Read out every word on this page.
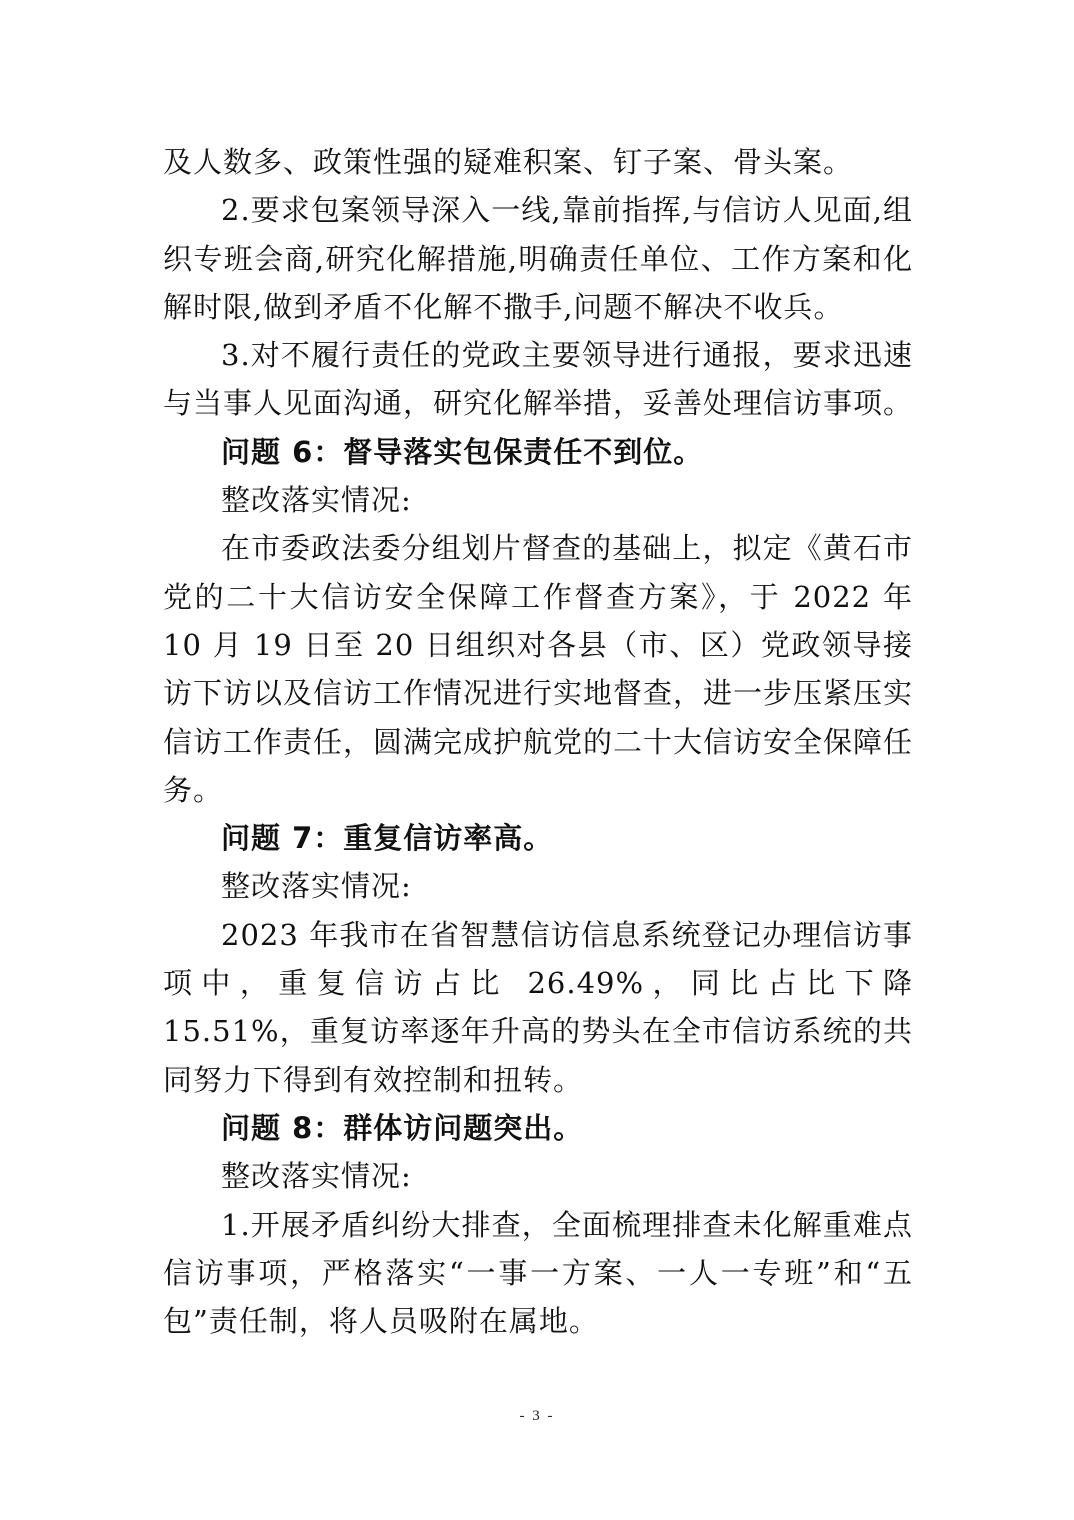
及人数多、政策性强的疑难积案、钉子案、骨头案。

2.要求包案领导深入一线,靠前指挥,与信访人见面,组织专班会商,研究化解措施,明确责任单位、工作方案和化解时限,做到矛盾不化解不撒手,问题不解决不收兵。

3.对不履行责任的党政主要领导进行通报，要求迅速与当事人见面沟通，研究化解举措，妥善处理信访事项。

问题 6：督导落实包保责任不到位。

整改落实情况:

在市委政法委分组划片督查的基础上，拟定《黄石市党的二十大信访安全保障工作督查方案》，于 2022 年 10 月 19 日至 20 日组织对各县（市、区）党政领导接访下访以及信访工作情况进行实地督查，进一步压紧压实信访工作责任，圆满完成护航党的二十大信访安全保障任务。

问题 7：重复信访率高。

整改落实情况:

2023 年我市在省智慧信访信息系统登记办理信访事项中，重复信访占比 26.49%，同比占比下降 15.51%，重复访率逐年升高的势头在全市信访系统的共同努力下得到有效控制和扭转。

问题 8：群体访问题突出。

整改落实情况:

1.开展矛盾纠纷大排查，全面梳理排查未化解重难点信访事项，严格落实“一事一方案、一人一专班”和“五包”责任制，将人员吸附在属地。

- 3 -
